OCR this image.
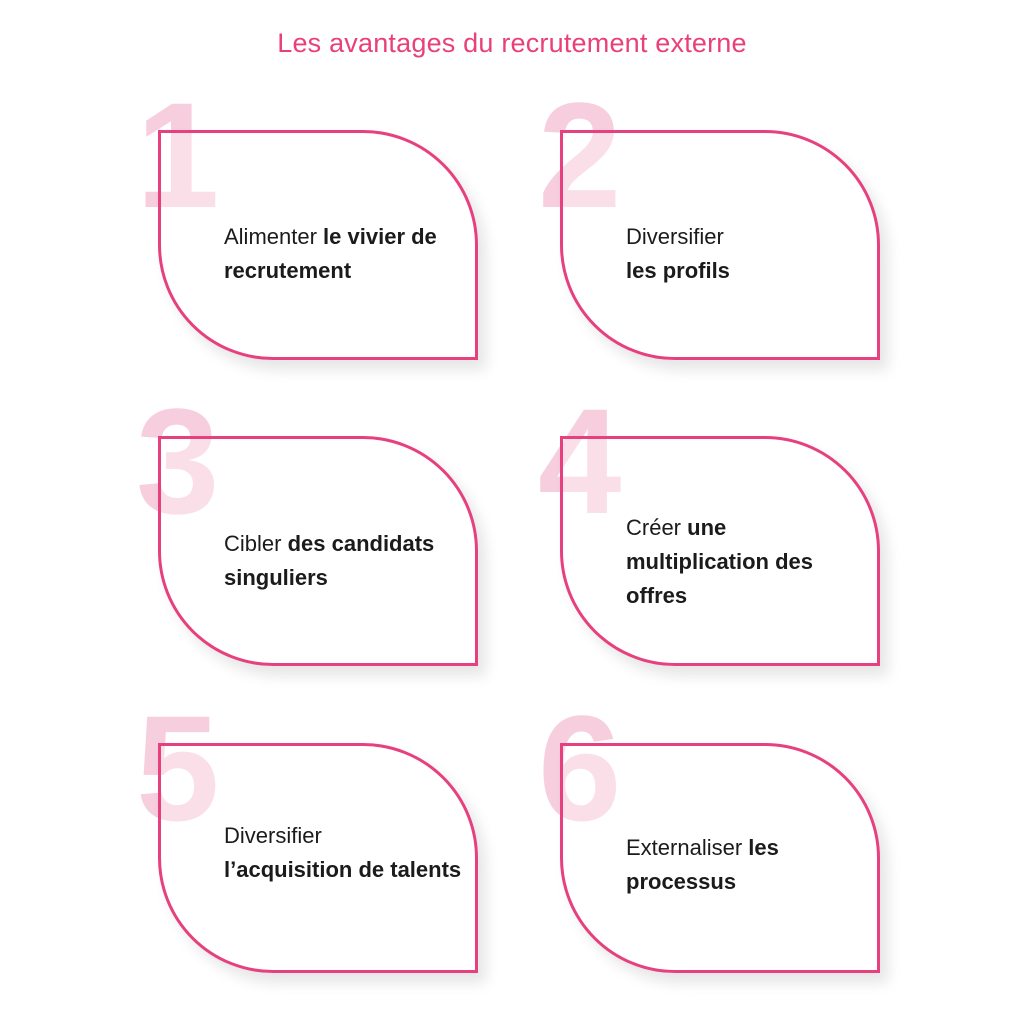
Les avantages du recrutement externe
1 Alimenter le vivier de recrutement
2 Diversifier
les profils
3 Cibler des candidats singuliers
4 Créer une multiplication des offres
5 Diversifier
l’acquisition de talents
6 Externaliser les processus
